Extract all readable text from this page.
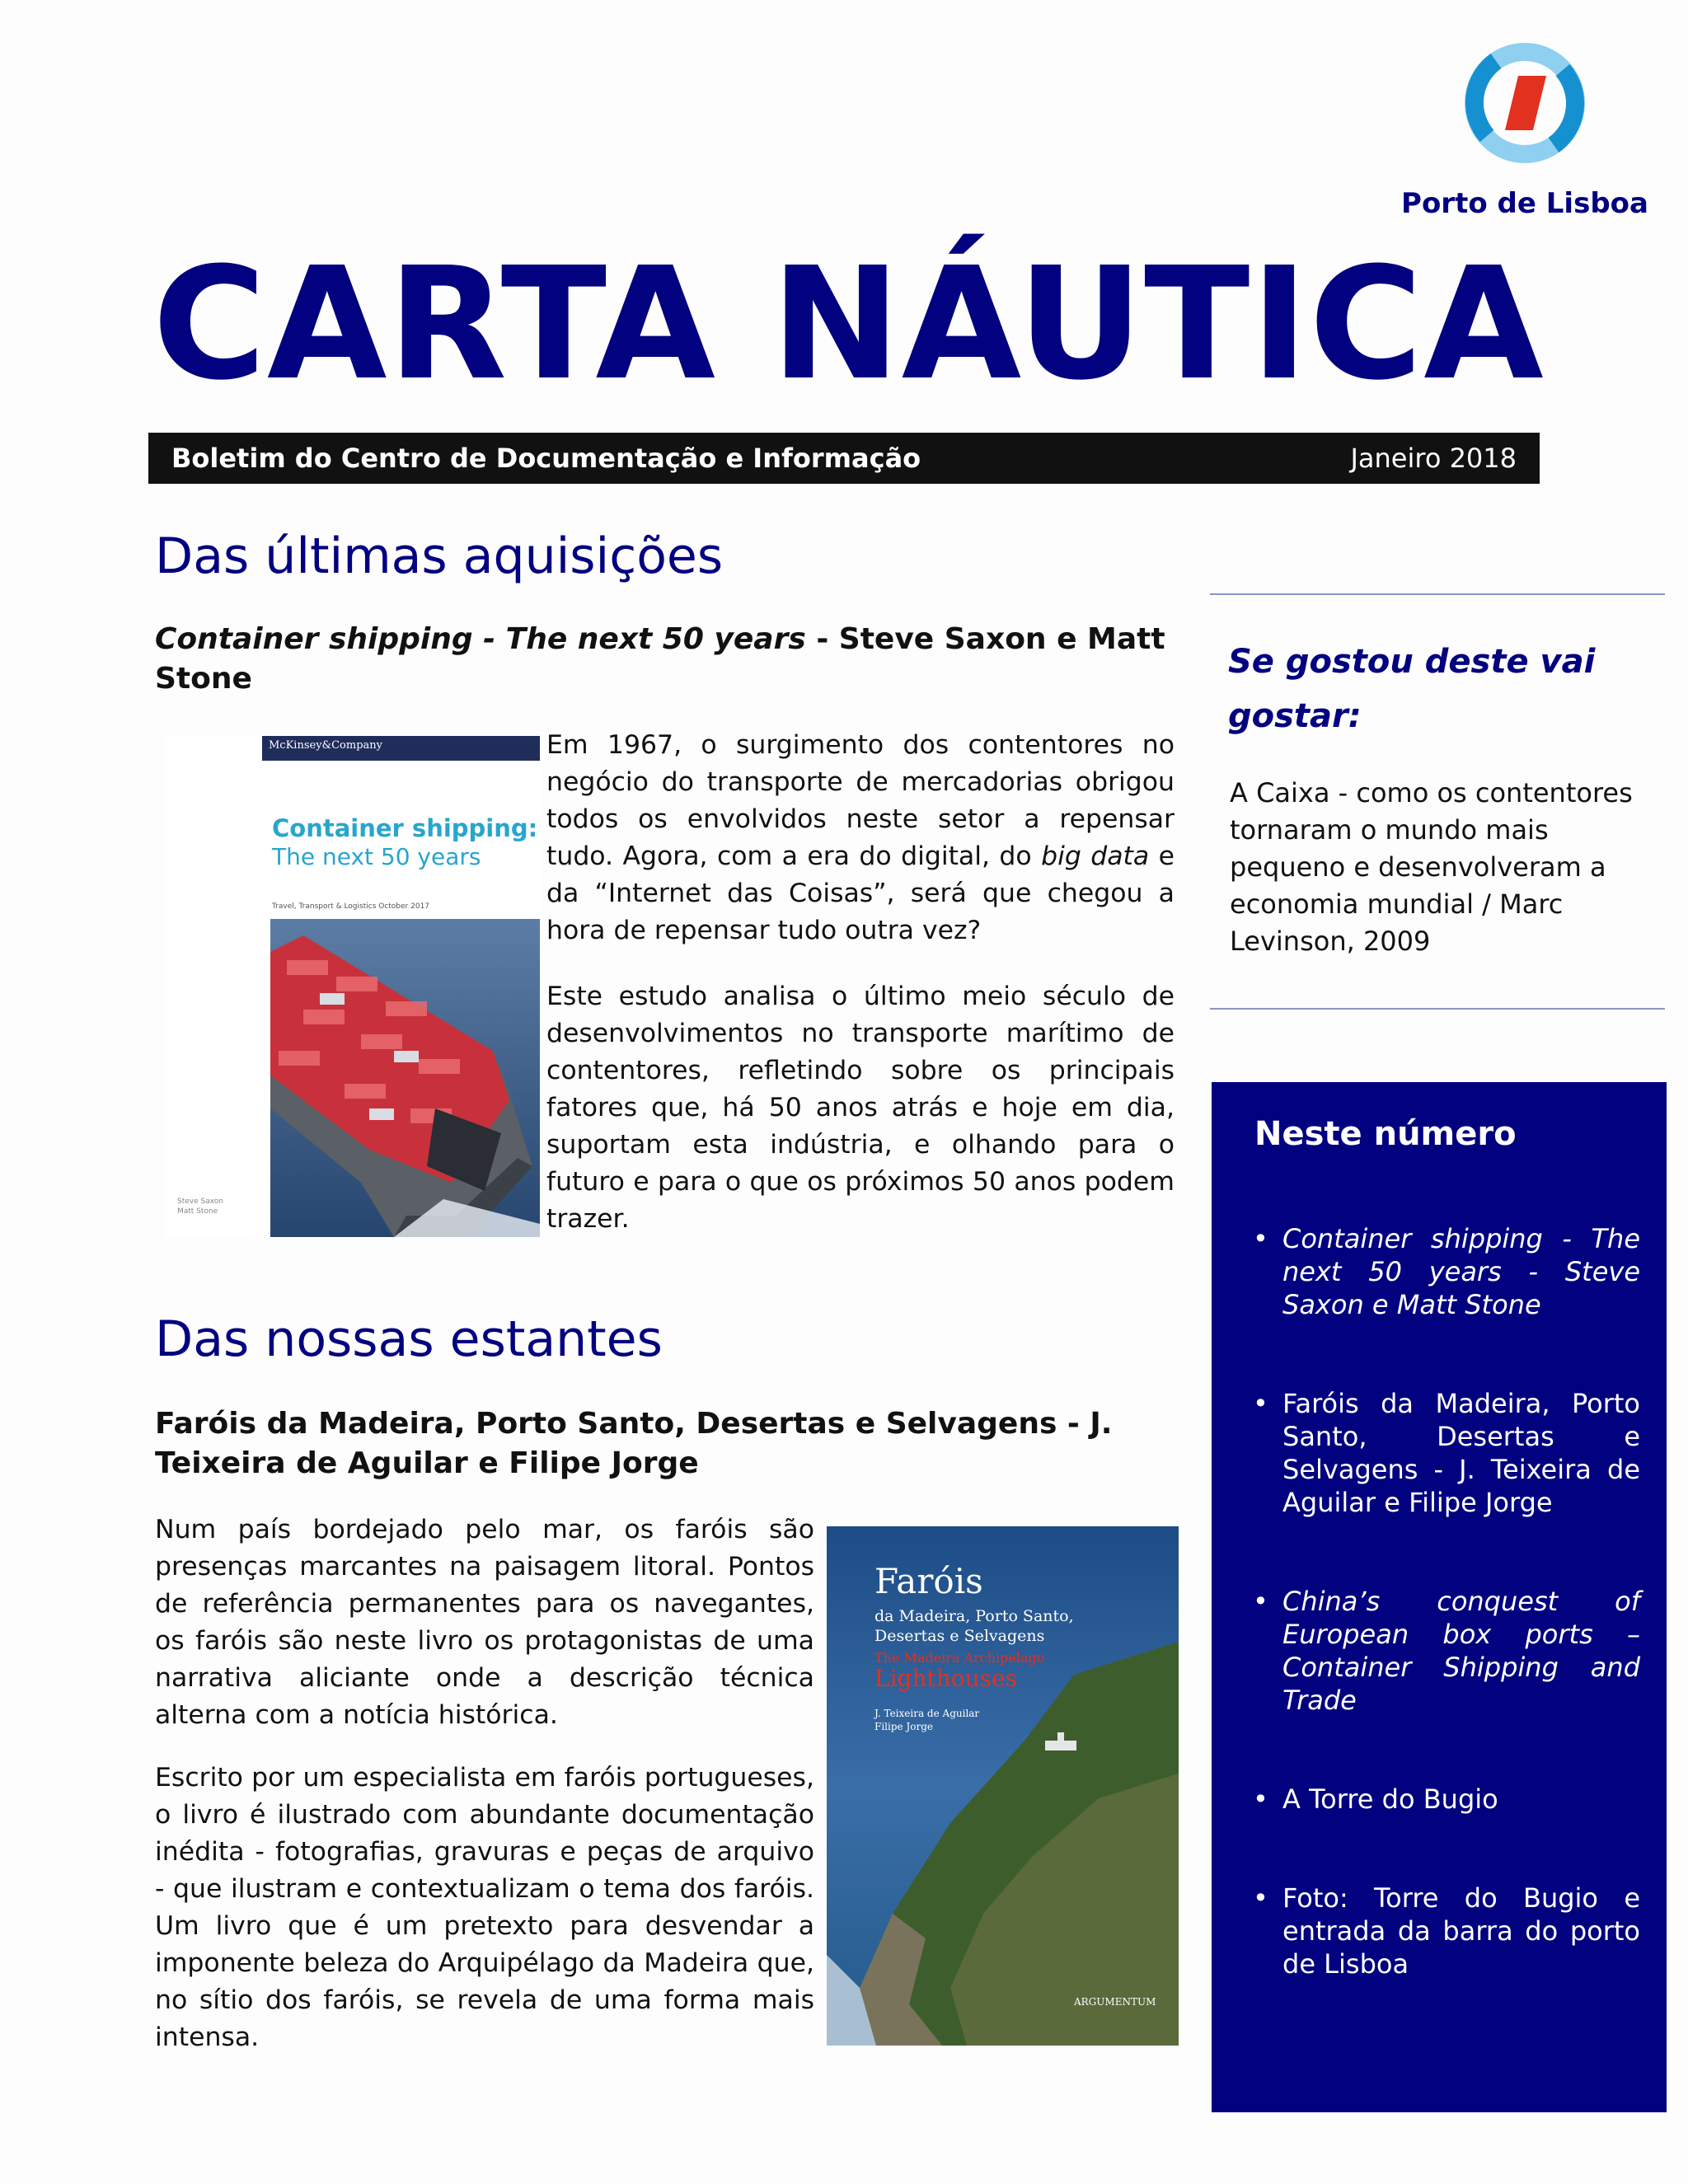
Porto de Lisboa
CARTA NÁUTICA
Boletim do Centro de Documentação e Informação	Janeiro 2018
Das últimas aquisições
Container shipping - The next 50 years - Steve Saxon e Matt Stone
McKinsey&Company
Container shipping:
The next 50 years
Travel, Transport & Logistics October 2017
Steve Saxon
Matt Stone

Em 1967, o surgimento dos contentores no negócio do transporte de mercadorias obrigou todos os envolvidos neste setor a repensar tudo. Agora, com a era do digital, do big data e da “Internet das Coisas”, será que chegou a hora de repensar tudo outra vez?

Este estudo analisa o último meio século de desenvolvimentos no transporte marítimo de contentores, refletindo sobre os principais fatores que, há 50 anos atrás e hoje em dia, suportam esta indústria, e olhando para o futuro e para o que os próximos 50 anos podem trazer.

Das nossas estantes
Faróis da Madeira, Porto Santo, Desertas e Selvagens - J. Teixeira de Aguilar e Filipe Jorge

Num país bordejado pelo mar, os faróis são presenças marcantes na paisagem litoral. Pontos de referência permanentes para os navegantes, os faróis são neste livro os protagonistas de uma narrativa aliciante onde a descrição técnica alterna com a notícia histórica.

Escrito por um especialista em faróis portugueses, o livro é ilustrado com abundante documentação inédita - fotografias, gravuras e peças de arquivo - que ilustram e contextualizam o tema dos faróis. Um livro que é um pretexto para desvendar a imponente beleza do Arquipélago da Madeira que, no sítio dos faróis, se revela de uma forma mais intensa.

Faróis
da Madeira, Porto Santo,
Desertas e Selvagens
The Madeira Archipelago
Lighthouses
J. Teixeira de Aguilar
Filipe Jorge
ARGUMENTUM
Se gostou deste vai gostar:

A Caixa - como os contentores tornaram o mundo mais pequeno e desenvolveram a economia mundial / Marc Levinson, 2009

Neste número
• Container shipping - The next 50 years - Steve Saxon e Matt Stone
• Faróis da Madeira, Porto Santo, Desertas e Selvagens - J. Teixeira de Aguilar e Filipe Jorge
• China’s conquest of European box ports – Container Shipping and Trade
• A Torre do Bugio
• Foto: Torre do Bugio e entrada da barra do porto de Lisboa
